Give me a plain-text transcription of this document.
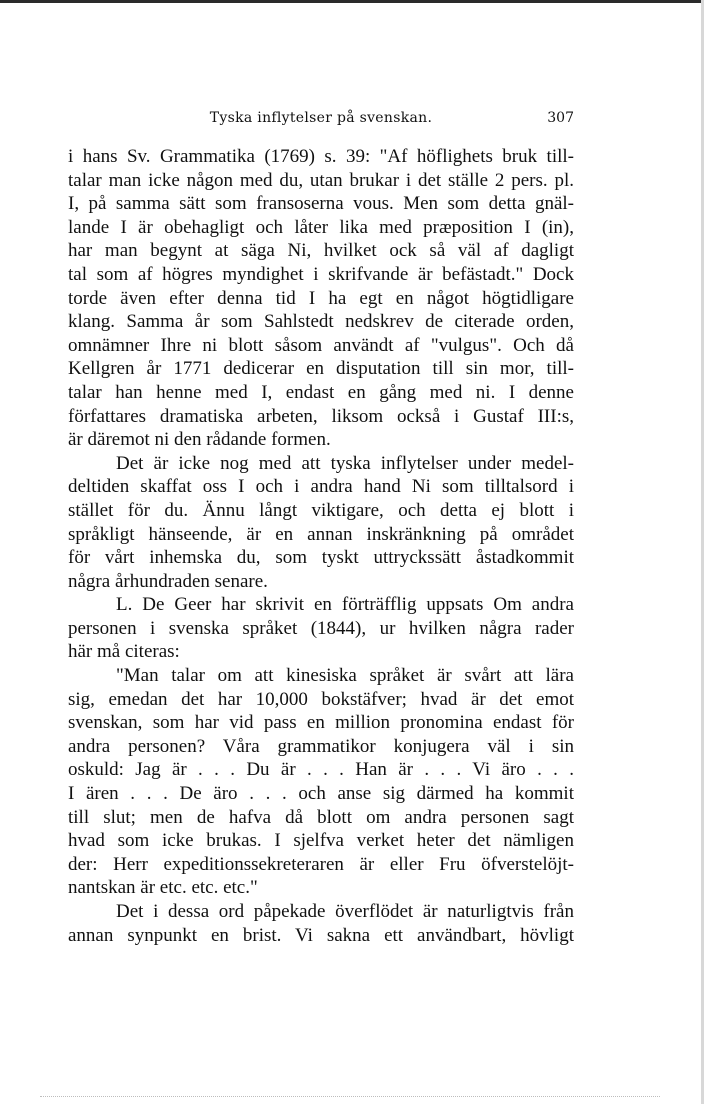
Tyska inflytelser på svenskan.	307
i hans Sv. Grammatika (1769) s. 39: "Af höflighets bruk till-
talar man icke någon med du, utan brukar i det ställe 2 pers. pl.
I, på samma sätt som fransoserna vous. Men som detta gnäl-
lande I är obehagligt och låter lika med præposition I (in),
har man begynt at säga Ni, hvilket ock så väl af dagligt
tal som af högres myndighet i skrifvande är befästadt." Dock
torde även efter denna tid I ha egt en något högtidligare
klang. Samma år som Sahlstedt nedskrev de citerade orden,
omnämner Ihre ni blott såsom användt af "vulgus". Och då
Kellgren år 1771 dedicerar en disputation till sin mor, till-
talar han henne med I, endast en gång med ni. I denne
författares dramatiska arbeten, liksom också i Gustaf III:s,
är däremot ni den rådande formen.
Det är icke nog med att tyska inflytelser under medel-
deltiden skaffat oss I och i andra hand Ni som tilltalsord i
stället för du. Ännu långt viktigare, och detta ej blott i
språkligt hänseende, är en annan inskränkning på området
för vårt inhemska du, som tyskt uttryckssätt åstadkommit
några århundraden senare.
L. De Geer har skrivit en förträfflig uppsats Om andra
personen i svenska språket (1844), ur hvilken några rader
här må citeras:
"Man talar om att kinesiska språket är svårt att lära
sig, emedan det har 10,000 bokstäfver; hvad är det emot
svenskan, som har vid pass en million pronomina endast för
andra personen? Våra grammatikor konjugera väl i sin
oskuld: Jag är . . . Du är . . . Han är . . . Vi äro . . .
I ären . . . De äro . . . och anse sig därmed ha kommit
till slut; men de hafva då blott om andra personen sagt
hvad som icke brukas. I sjelfva verket heter det nämligen
der: Herr expeditionssekreteraren är eller Fru öfverstelöjt-
nantskan är etc. etc. etc."
Det i dessa ord påpekade överflödet är naturligtvis från
annan synpunkt en brist. Vi sakna ett användbart, hövligt
